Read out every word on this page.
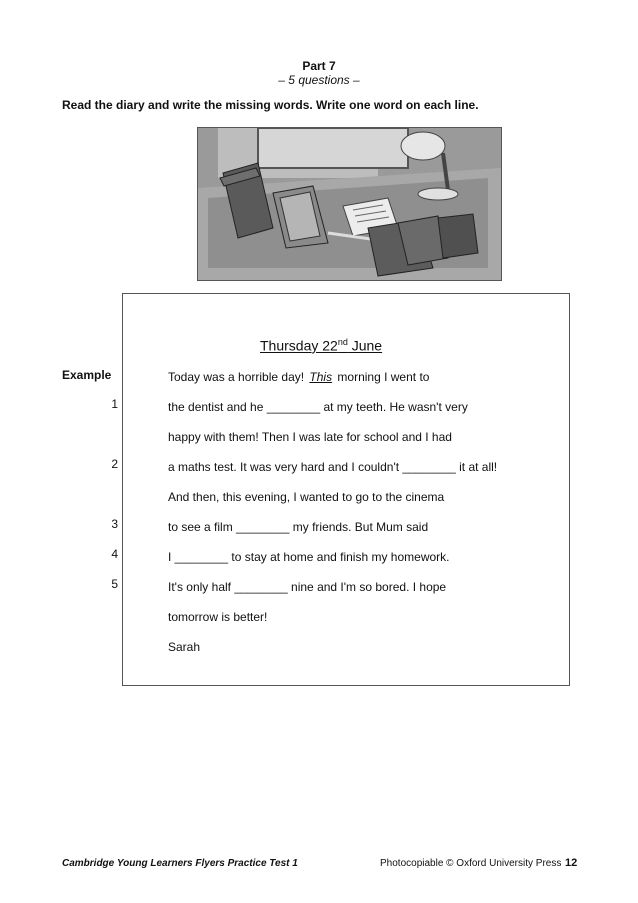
Part 7
– 5 questions –
Read the diary and write the missing words. Write one word on each line.
Thursday 22nd June
Example	Today was a horrible day! This morning I went to
1	the dentist and he ________ at my teeth. He wasn't very
happy with them! Then I was late for school and I had
2	a maths test. It was very hard and I couldn't ________ it at all!
And then, this evening, I wanted to go to the cinema
3	to see a film ________ my friends. But Mum said
4	I ________ to stay at home and finish my homework.
5	It's only half ________ nine and I'm so bored. I hope
tomorrow is better!
Sarah
Cambridge Young Learners Flyers Practice Test 1	Photocopiable © Oxford University Press 12
